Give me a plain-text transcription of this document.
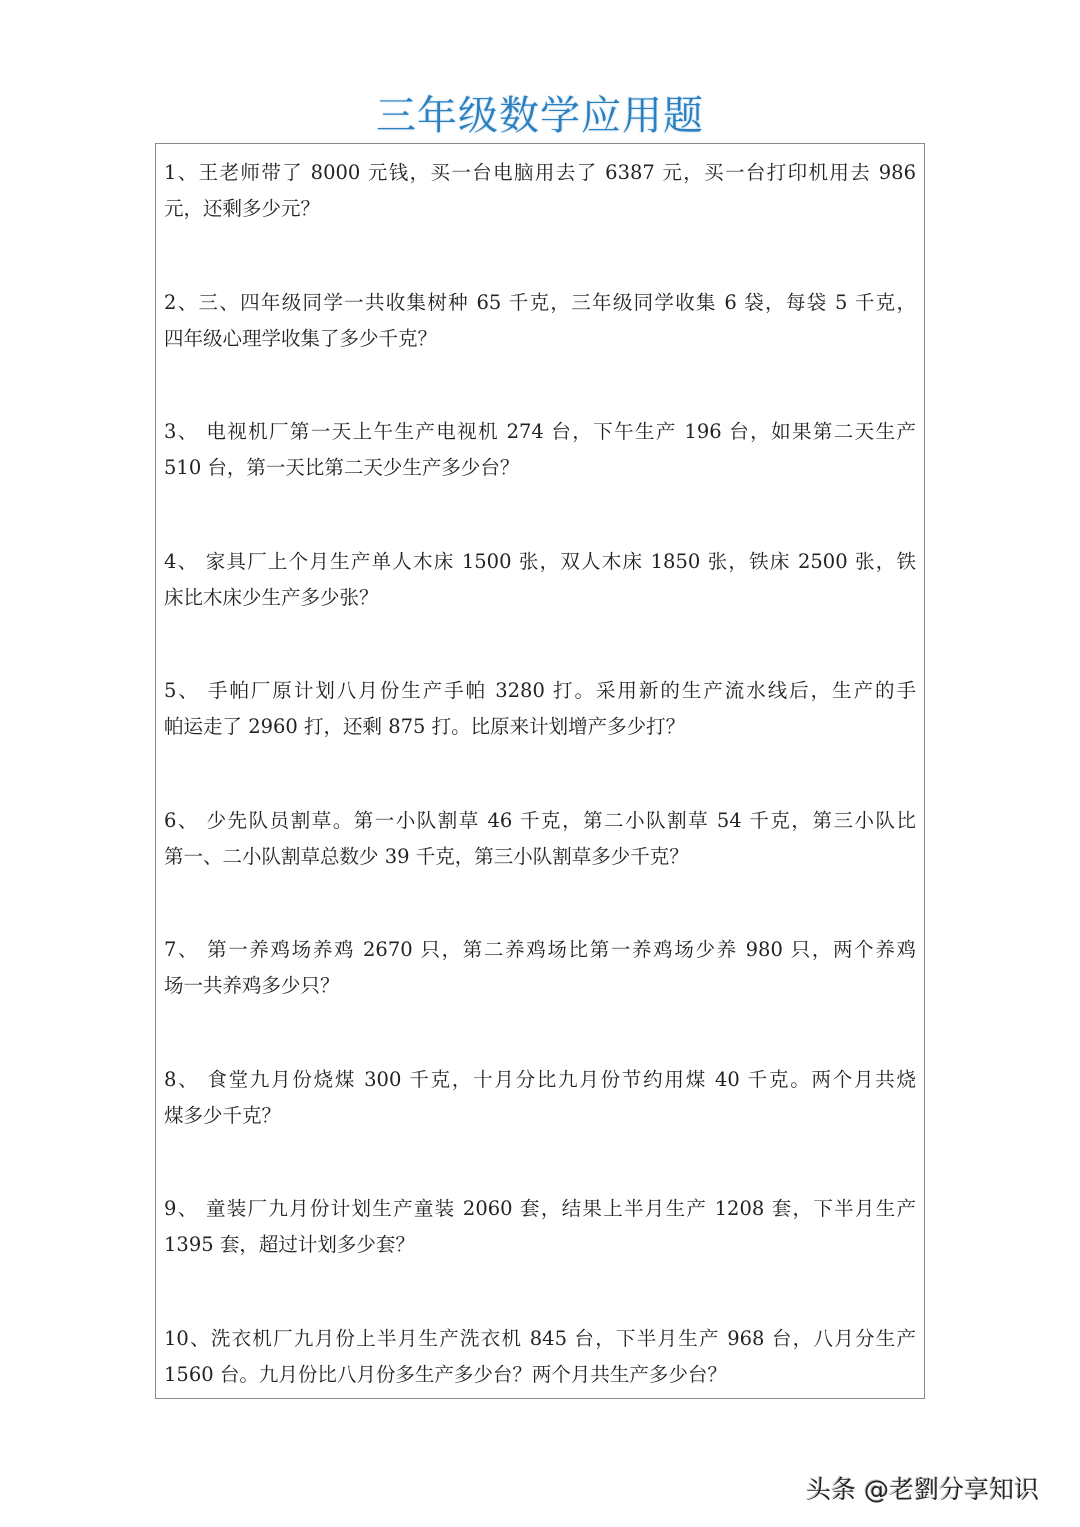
三年级数学应用题
1、王老师带了 8000 元钱，买一台电脑用去了 6387 元，买一台打印机用去 986
元，还剩多少元？
2、三、四年级同学一共收集树种 65 千克，三年级同学收集 6 袋，每袋 5 千克，
四年级心理学收集了多少千克？
3、 电视机厂第一天上午生产电视机 274 台，下午生产 196 台，如果第二天生产
510 台，第一天比第二天少生产多少台？
4、 家具厂上个月生产单人木床 1500 张，双人木床 1850 张，铁床 2500 张，铁
床比木床少生产多少张？
5、 手帕厂原计划八月份生产手帕 3280 打。采用新的生产流水线后，生产的手
帕运走了 2960 打，还剩 875 打。比原来计划增产多少打？
6、 少先队员割草。第一小队割草 46 千克，第二小队割草 54 千克，第三小队比
第一、二小队割草总数少 39 千克，第三小队割草多少千克？
7、 第一养鸡场养鸡 2670 只，第二养鸡场比第一养鸡场少养 980 只，两个养鸡
场一共养鸡多少只？
8、 食堂九月份烧煤 300 千克，十月分比九月份节约用煤 40 千克。两个月共烧
煤多少千克？
9、 童装厂九月份计划生产童装 2060 套，结果上半月生产 1208 套，下半月生产
1395 套，超过计划多少套？
10、洗衣机厂九月份上半月生产洗衣机 845 台，下半月生产 968 台，八月分生产
1560 台。九月份比八月份多生产多少台？两个月共生产多少台？
头条 @老劉分享知识
